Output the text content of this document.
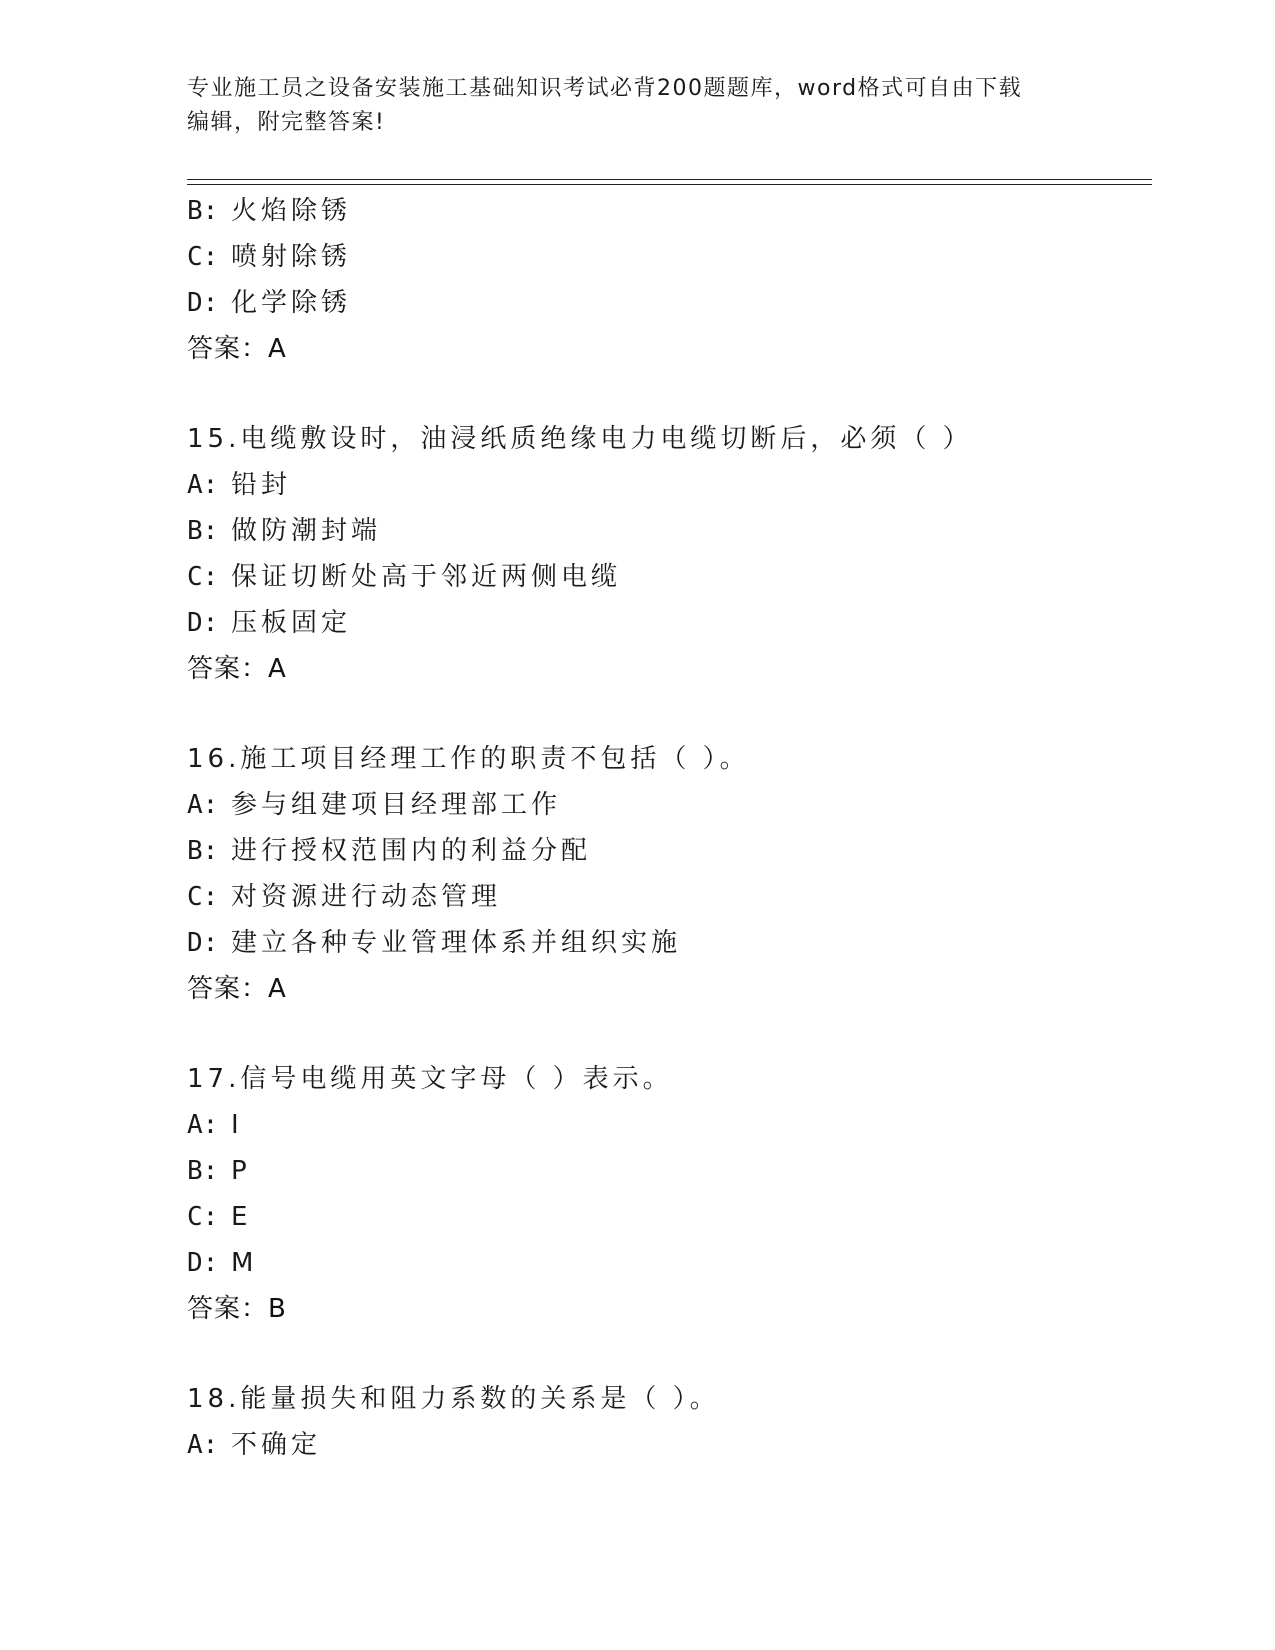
专业施工员之设备安装施工基础知识考试必背200题题库，word格式可自由下载
编辑，附完整答案!
B: 火焰除锈
C: 喷射除锈
D: 化学除锈
答案：A
15.电缆敷设时，油浸纸质绝缘电力电缆切断后，必须（ ）
A: 铅封
B: 做防潮封端
C: 保证切断处高于邻近两侧电缆
D: 压板固定
答案：A
16.施工项目经理工作的职责不包括（ ）。
A: 参与组建项目经理部工作
B: 进行授权范围内的利益分配
C: 对资源进行动态管理
D: 建立各种专业管理体系并组织实施
答案：A
17.信号电缆用英文字母（ ）表示。
A: I
B: P
C: E
D: M
答案：B
18.能量损失和阻力系数的关系是（ ）。
A: 不确定
